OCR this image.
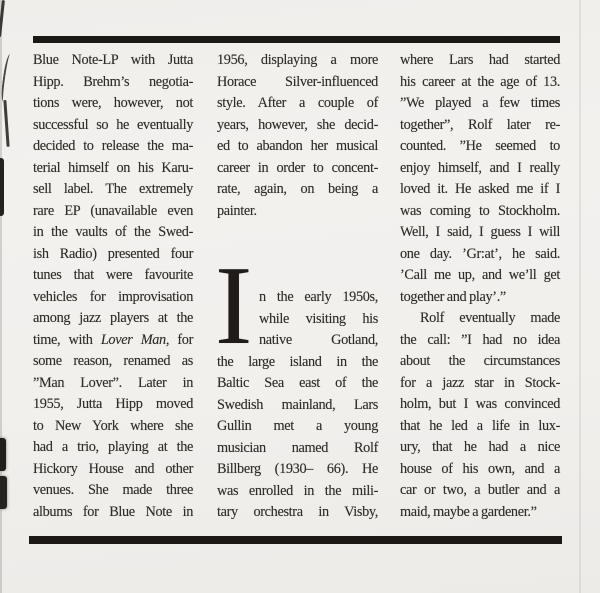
Blue Note-LP with Jutta
Hipp. Brehm’s negotia-
tions were, however, not
successful so he eventually
decided to release the ma-
terial himself on his Karu-
sell label. The extremely
rare EP (unavailable even
in the vaults of the Swed-
ish Radio) presented four
tunes that were favourite
vehicles for improvisation
among jazz players at the
time, with Lover Man, for
some reason, renamed as
”Man Lover”. Later in
1955, Jutta Hipp moved
to New York where she
had a trio, playing at the
Hickory House and other
venues. She made three
albums for Blue Note in
1956, displaying a more
Horace Silver-influenced
style. After a couple of
years, however, she decid-
ed to abandon her musical
career in order to concent-
rate, again, on being a
painter.
I n the early 1950s,
while visiting his
native Gotland,
the large island in the
Baltic Sea east of the
Swedish mainland, Lars
Gullin met a young
musician named Rolf
Billberg (1930– 66). He
was enrolled in the mili-
tary orchestra in Visby,
where Lars had started
his career at the age of 13.
”We played a few times
together”, Rolf later re-
counted. ”He seemed to
enjoy himself, and I really
loved it. He asked me if I
was coming to Stockholm.
Well, I said, I guess I will
one day. ’Gr:at’, he said.
’Call me up, and we’ll get
together and play’.”
Rolf eventually made
the call: ”I had no idea
about the circumstances
for a jazz star in Stock-
holm, but I was convinced
that he led a life in lux-
ury, that he had a nice
house of his own, and a
car or two, a butler and a
maid, maybe a gardener.”
